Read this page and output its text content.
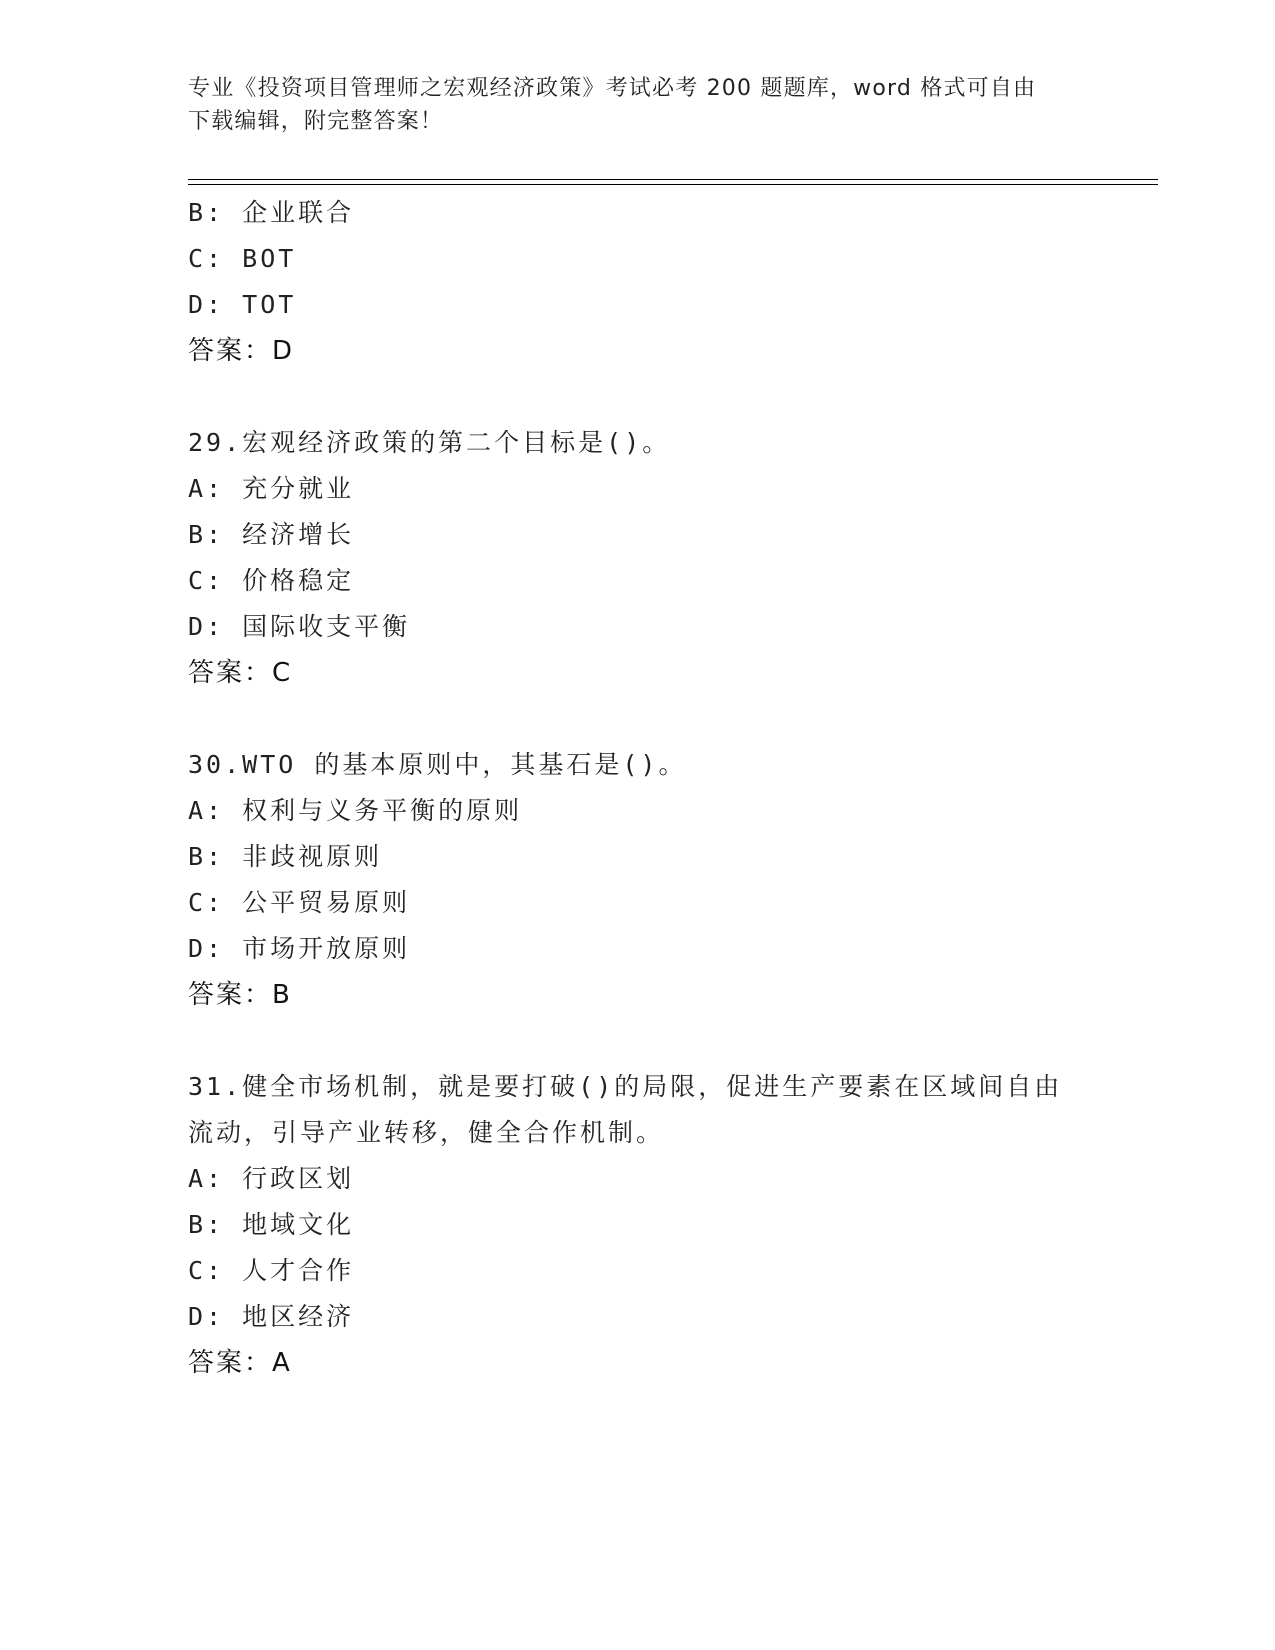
专业《投资项目管理师之宏观经济政策》考试必考 200 题题库，word 格式可自由
下载编辑，附完整答案！
B: 企业联合
C: BOT
D: TOT
答案：D
29.宏观经济政策的第二个目标是()。
A: 充分就业
B: 经济增长
C: 价格稳定
D: 国际收支平衡
答案：C
30.WTO 的基本原则中，其基石是()。
A: 权利与义务平衡的原则
B: 非歧视原则
C: 公平贸易原则
D: 市场开放原则
答案：B
31.健全市场机制，就是要打破()的局限，促进生产要素在区域间自由
流动，引导产业转移，健全合作机制。
A: 行政区划
B: 地域文化
C: 人才合作
D: 地区经济
答案：A
